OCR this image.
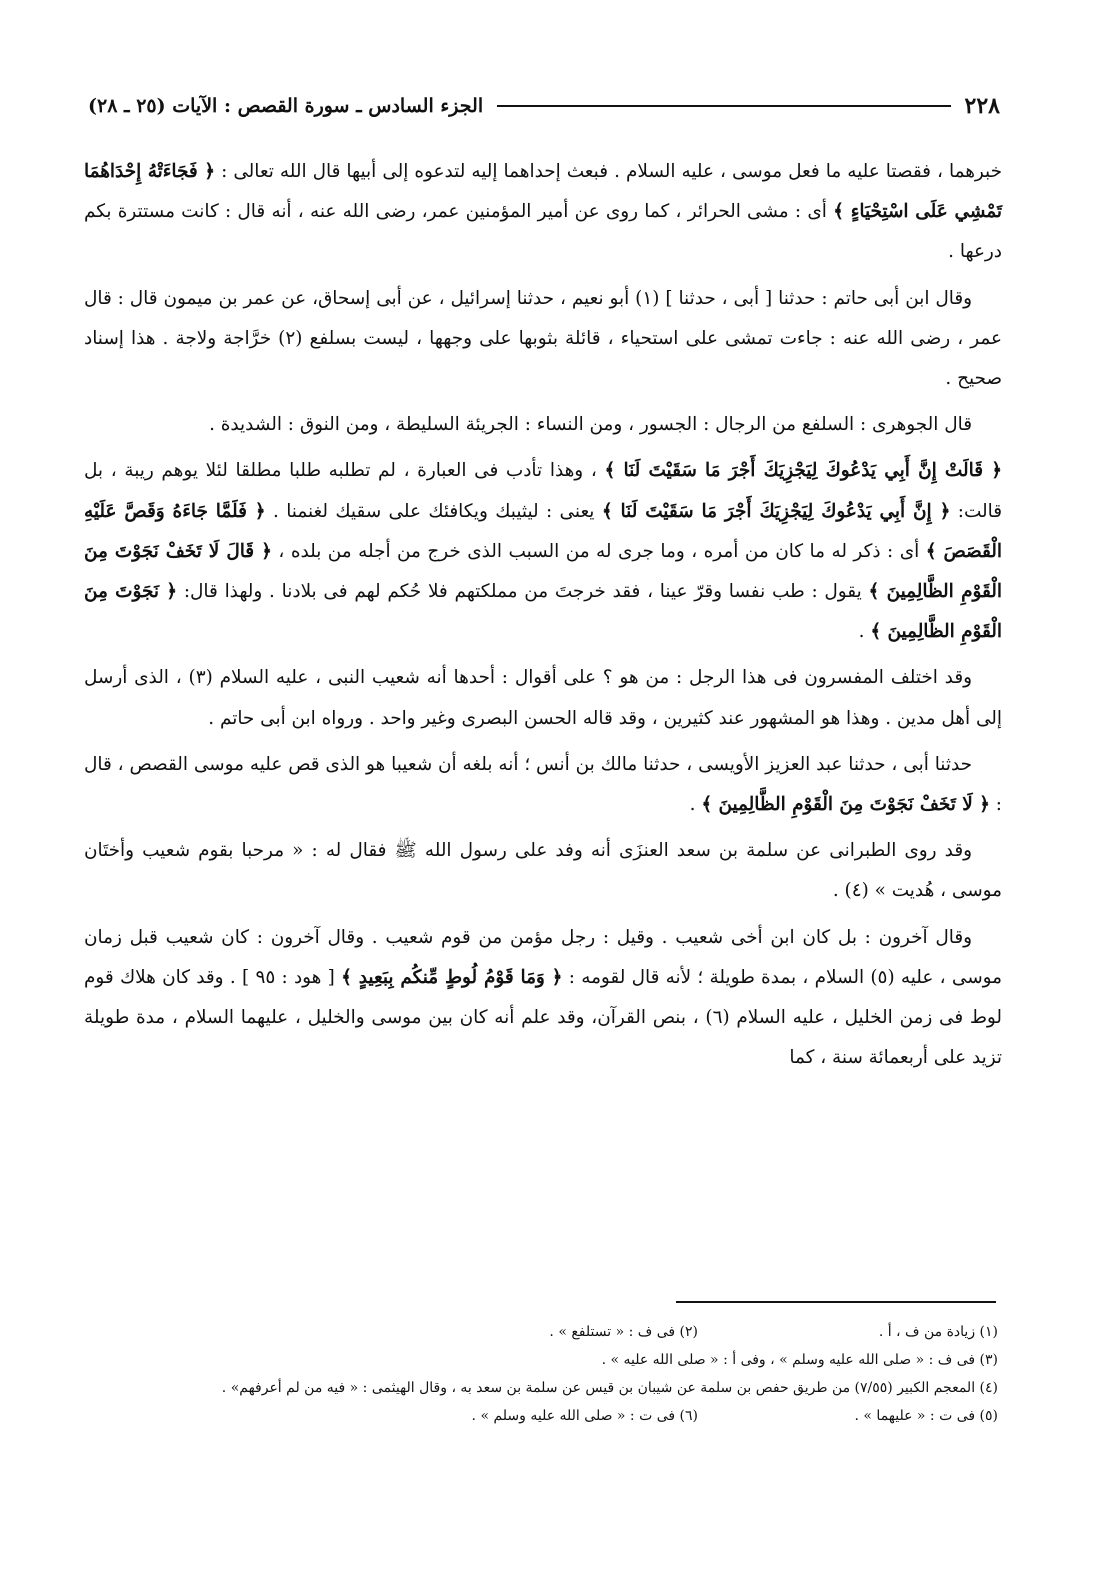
٢٢٨
الجزء السادس ـ سورة القصص : الآيات (٢٥ ـ ٢٨)

خبرهما ، فقصتا عليه ما فعل موسى ، عليه السلام . فبعث إحداهما إليه لتدعوه إلى أبيها قال الله تعالى : ﴿ فَجَاءَتْهُ إِحْدَاهُمَا تَمْشِي عَلَى اسْتِحْيَاءٍ ﴾ أى : مشى الحرائر ، كما روى عن أمير المؤمنين عمر، رضى الله عنه ، أنه قال : كانت مستترة بكم درعها .

وقال ابن أبى حاتم : حدثنا [ أبى ، حدثنا ] (١) أبو نعيم ، حدثنا إسرائيل ، عن أبى إسحاق، عن عمر بن ميمون قال : قال عمر ، رضى الله عنه : جاءت تمشى على استحياء ، قائلة بثوبها على وجهها ، ليست بسلفع (٢) خرَّاجة ولاجة . هذا إسناد صحيح .

قال الجوهرى : السلفع من الرجال : الجسور ، ومن النساء : الجريئة السليطة ، ومن النوق : الشديدة .

﴿ قَالَتْ إِنَّ أَبِي يَدْعُوكَ لِيَجْزِيَكَ أَجْرَ مَا سَقَيْتَ لَنَا ﴾ ، وهذا تأدب فى العبارة ، لم تطلبه طلبا مطلقا لئلا يوهم ريبة ، بل قالت: ﴿ إِنَّ أَبِي يَدْعُوكَ لِيَجْزِيَكَ أَجْرَ مَا سَقَيْتَ لَنَا ﴾ يعنى : ليثيبك ويكافئك على سقيك لغنمنا . ﴿ فَلَمَّا جَاءَهُ وَقَصَّ عَلَيْهِ الْقَصَصَ ﴾ أى : ذكر له ما كان من أمره ، وما جرى له من السبب الذى خرج من أجله من بلده ، ﴿ قَالَ لَا تَخَفْ نَجَوْتَ مِنَ الْقَوْمِ الظَّالِمِينَ ﴾ يقول : طب نفسا وقرّ عينا ، فقد خرجتَ من مملكتهم فلا حُكم لهم فى بلادنا . ولهذا قال: ﴿ نَجَوْتَ مِنَ الْقَوْمِ الظَّالِمِينَ ﴾ .

وقد اختلف المفسرون فى هذا الرجل : من هو ؟ على أقوال : أحدها أنه شعيب النبى ، عليه السلام (٣) ، الذى أرسل إلى أهل مدين . وهذا هو المشهور عند كثيرين ، وقد قاله الحسن البصرى وغير واحد . ورواه ابن أبى حاتم .

حدثنا أبى ، حدثنا عبد العزيز الأويسى ، حدثنا مالك بن أنس ؛ أنه بلغه أن شعيبا هو الذى قص عليه موسى القصص ، قال : ﴿ لَا تَخَفْ نَجَوْتَ مِنَ الْقَوْمِ الظَّالِمِينَ ﴾ .

وقد روى الطبرانى عن سلمة بن سعد العنزَى أنه وفد على رسول الله ﷺ فقال له : « مرحبا بقوم شعيب وأختَان موسى ، هُديت » (٤) .

وقال آخرون : بل كان ابن أخى شعيب . وقيل : رجل مؤمن من قوم شعيب . وقال آخرون : كان شعيب قبل زمان موسى ، عليه (٥) السلام ، بمدة طويلة ؛ لأنه قال لقومه : ﴿ وَمَا قَوْمُ لُوطٍ مِّنكُم بِبَعِيدٍ ﴾ [ هود : ٩٥ ] . وقد كان هلاك قوم لوط فى زمن الخليل ، عليه السلام (٦) ، بنص القرآن، وقد علم أنه كان بين موسى والخليل ، عليهما السلام ، مدة طويلة تزيد على أربعمائة سنة ، كما

(١) زيادة من ف ، أ .
(٢) فى ف : « تستلفع » .
(٣) فى ف : « صلى الله عليه وسلم » ، وفى أ : « صلى الله عليه » .
(٤) المعجم الكبير (٧/٥٥) من طريق حفص بن سلمة عن شيبان بن قيس عن سلمة بن سعد به ، وقال الهيثمى : « فيه من لم أعرفهم» .
(٥) فى ت : « عليهما » .
(٦) فى ت : « صلى الله عليه وسلم » .
